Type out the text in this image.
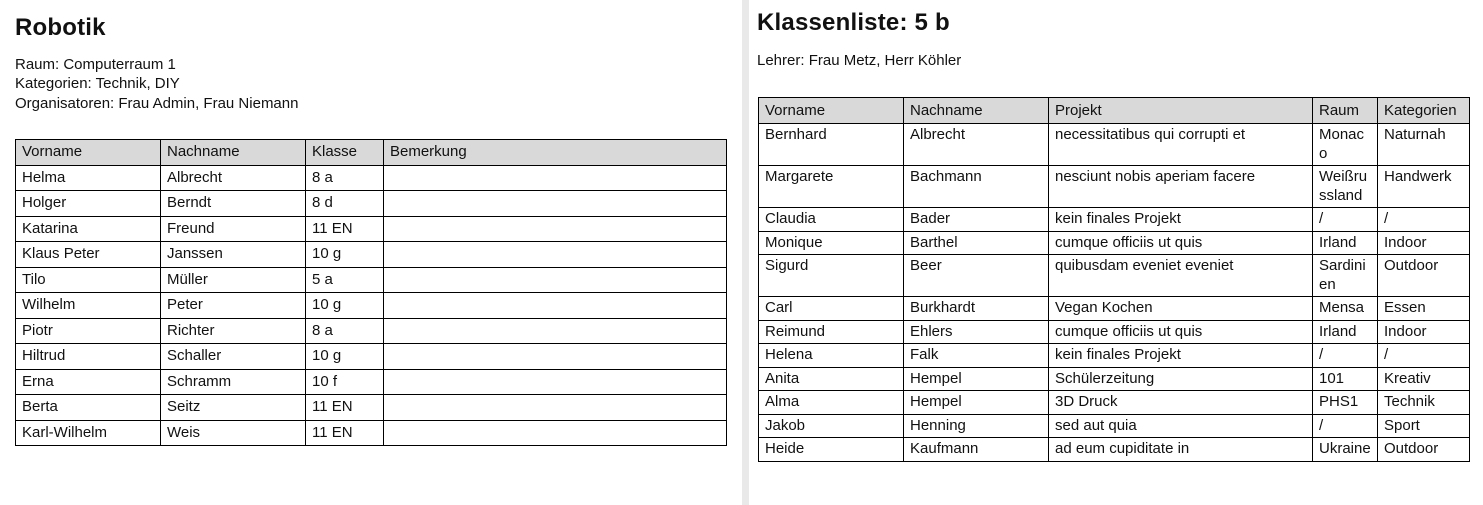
Robotik
Raum: Computerraum 1
Kategorien: Technik, DIY
Organisatoren: Frau Admin, Frau Niemann
Vorname	Nachname	Klasse	Bemerkung
Helma	Albrecht	8 a	
Holger	Berndt	8 d	
Katarina	Freund	11 EN	
Klaus Peter	Janssen	10 g	
Tilo	Müller	5 a	
Wilhelm	Peter	10 g	
Piotr	Richter	8 a	
Hiltrud	Schaller	10 g	
Erna	Schramm	10 f	
Berta	Seitz	11 EN	
Karl-Wilhelm	Weis	11 EN	
Klassenliste: 5 b
Lehrer: Frau Metz, Herr Köhler
Vorname	Nachname	Projekt	Raum	Kategorien
Bernhard	Albrecht	necessitatibus qui corrupti et	Monaco	Naturnah
Margarete	Bachmann	nesciunt nobis aperiam facere	Weißrussland	Handwerk
Claudia	Bader	kein finales Projekt	/	/
Monique	Barthel	cumque officiis ut quis	Irland	Indoor
Sigurd	Beer	quibusdam eveniet eveniet	Sardinien	Outdoor
Carl	Burkhardt	Vegan Kochen	Mensa	Essen
Reimund	Ehlers	cumque officiis ut quis	Irland	Indoor
Helena	Falk	kein finales Projekt	/	/
Anita	Hempel	Schülerzeitung	101	Kreativ
Alma	Hempel	3D Druck	PHS1	Technik
Jakob	Henning	sed aut quia	/	Sport
Heide	Kaufmann	ad eum cupiditate in	Ukraine	Outdoor
